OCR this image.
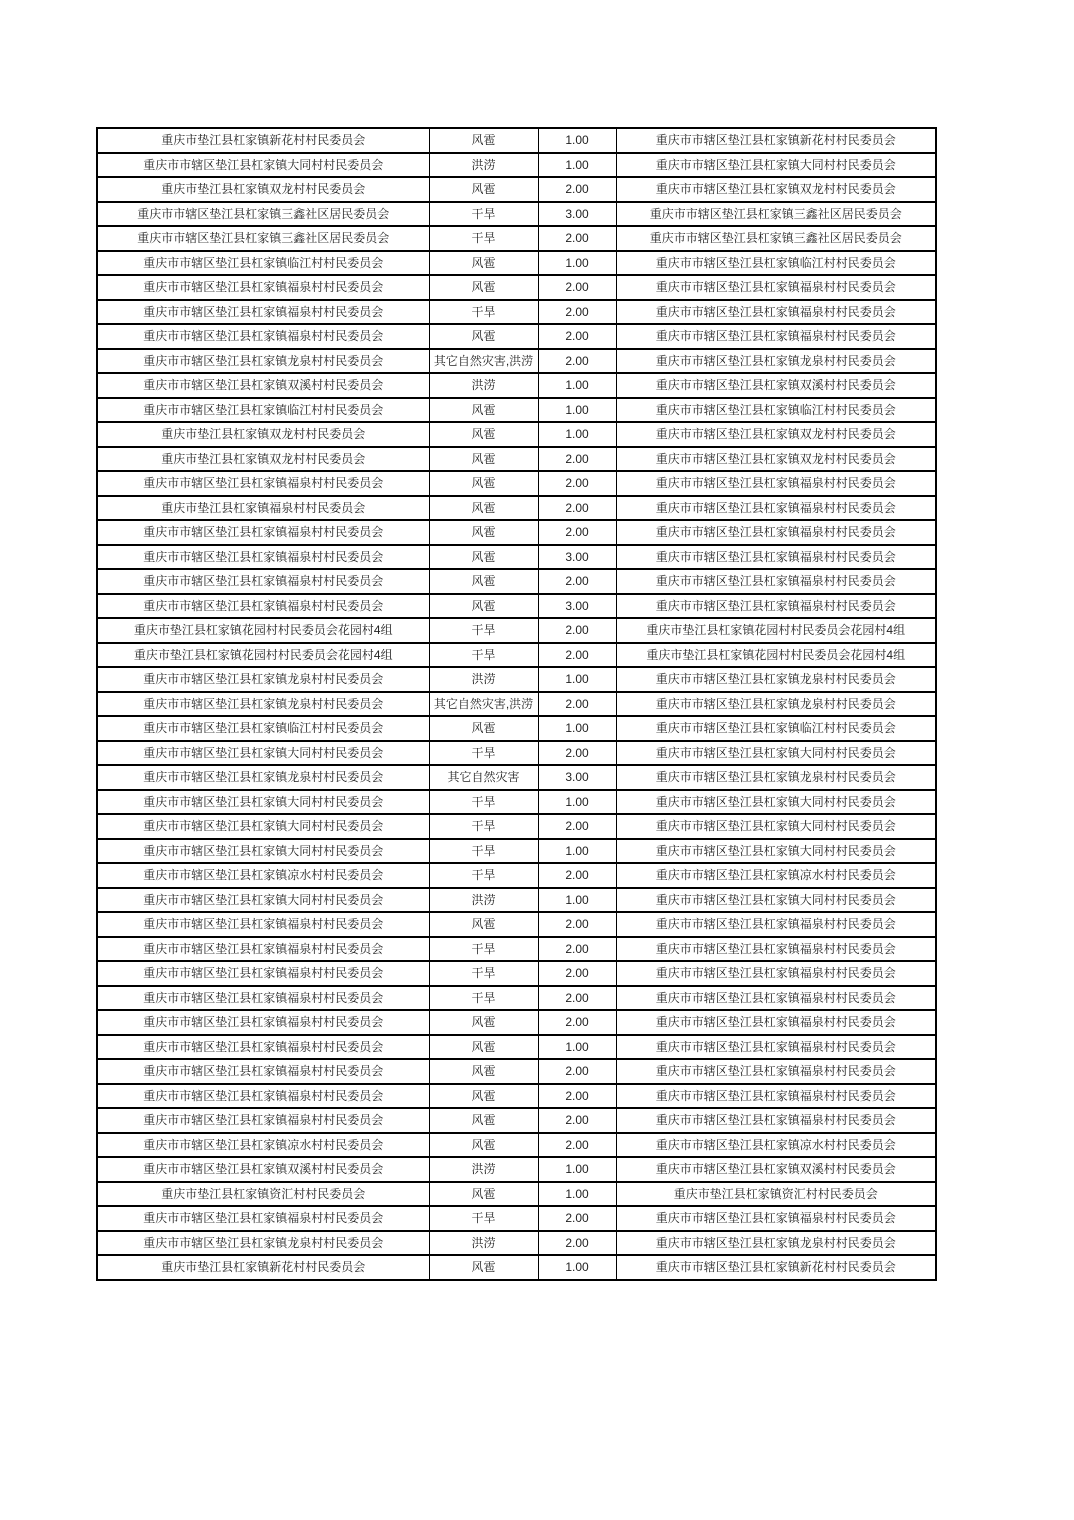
重庆市垫江县杠家镇新花村村民委员会	风雹	1.00	重庆市市辖区垫江县杠家镇新花村村民委员会
重庆市市辖区垫江县杠家镇大同村村民委员会	洪涝	1.00	重庆市市辖区垫江县杠家镇大同村村民委员会
重庆市垫江县杠家镇双龙村村民委员会	风雹	2.00	重庆市市辖区垫江县杠家镇双龙村村民委员会
重庆市市辖区垫江县杠家镇三鑫社区居民委员会	干旱	3.00	重庆市市辖区垫江县杠家镇三鑫社区居民委员会
重庆市市辖区垫江县杠家镇三鑫社区居民委员会	干旱	2.00	重庆市市辖区垫江县杠家镇三鑫社区居民委员会
重庆市市辖区垫江县杠家镇临江村村民委员会	风雹	1.00	重庆市市辖区垫江县杠家镇临江村村民委员会
重庆市市辖区垫江县杠家镇福泉村村民委员会	风雹	2.00	重庆市市辖区垫江县杠家镇福泉村村民委员会
重庆市市辖区垫江县杠家镇福泉村村民委员会	干旱	2.00	重庆市市辖区垫江县杠家镇福泉村村民委员会
重庆市市辖区垫江县杠家镇福泉村村民委员会	风雹	2.00	重庆市市辖区垫江县杠家镇福泉村村民委员会
重庆市市辖区垫江县杠家镇龙泉村村民委员会	其它自然灾害,洪涝	2.00	重庆市市辖区垫江县杠家镇龙泉村村民委员会
重庆市市辖区垫江县杠家镇双溪村村民委员会	洪涝	1.00	重庆市市辖区垫江县杠家镇双溪村村民委员会
重庆市市辖区垫江县杠家镇临江村村民委员会	风雹	1.00	重庆市市辖区垫江县杠家镇临江村村民委员会
重庆市垫江县杠家镇双龙村村民委员会	风雹	1.00	重庆市市辖区垫江县杠家镇双龙村村民委员会
重庆市垫江县杠家镇双龙村村民委员会	风雹	2.00	重庆市市辖区垫江县杠家镇双龙村村民委员会
重庆市市辖区垫江县杠家镇福泉村村民委员会	风雹	2.00	重庆市市辖区垫江县杠家镇福泉村村民委员会
重庆市垫江县杠家镇福泉村村民委员会	风雹	2.00	重庆市市辖区垫江县杠家镇福泉村村民委员会
重庆市市辖区垫江县杠家镇福泉村村民委员会	风雹	2.00	重庆市市辖区垫江县杠家镇福泉村村民委员会
重庆市市辖区垫江县杠家镇福泉村村民委员会	风雹	3.00	重庆市市辖区垫江县杠家镇福泉村村民委员会
重庆市市辖区垫江县杠家镇福泉村村民委员会	风雹	2.00	重庆市市辖区垫江县杠家镇福泉村村民委员会
重庆市市辖区垫江县杠家镇福泉村村民委员会	风雹	3.00	重庆市市辖区垫江县杠家镇福泉村村民委员会
重庆市垫江县杠家镇花园村村民委员会花园村4组	干旱	2.00	重庆市垫江县杠家镇花园村村民委员会花园村4组
重庆市垫江县杠家镇花园村村民委员会花园村4组	干旱	2.00	重庆市垫江县杠家镇花园村村民委员会花园村4组
重庆市市辖区垫江县杠家镇龙泉村村民委员会	洪涝	1.00	重庆市市辖区垫江县杠家镇龙泉村村民委员会
重庆市市辖区垫江县杠家镇龙泉村村民委员会	其它自然灾害,洪涝	2.00	重庆市市辖区垫江县杠家镇龙泉村村民委员会
重庆市市辖区垫江县杠家镇临江村村民委员会	风雹	1.00	重庆市市辖区垫江县杠家镇临江村村民委员会
重庆市市辖区垫江县杠家镇大同村村民委员会	干旱	2.00	重庆市市辖区垫江县杠家镇大同村村民委员会
重庆市市辖区垫江县杠家镇龙泉村村民委员会	其它自然灾害	3.00	重庆市市辖区垫江县杠家镇龙泉村村民委员会
重庆市市辖区垫江县杠家镇大同村村民委员会	干旱	1.00	重庆市市辖区垫江县杠家镇大同村村民委员会
重庆市市辖区垫江县杠家镇大同村村民委员会	干旱	2.00	重庆市市辖区垫江县杠家镇大同村村民委员会
重庆市市辖区垫江县杠家镇大同村村民委员会	干旱	1.00	重庆市市辖区垫江县杠家镇大同村村民委员会
重庆市市辖区垫江县杠家镇凉水村村民委员会	干旱	2.00	重庆市市辖区垫江县杠家镇凉水村村民委员会
重庆市市辖区垫江县杠家镇大同村村民委员会	洪涝	1.00	重庆市市辖区垫江县杠家镇大同村村民委员会
重庆市市辖区垫江县杠家镇福泉村村民委员会	风雹	2.00	重庆市市辖区垫江县杠家镇福泉村村民委员会
重庆市市辖区垫江县杠家镇福泉村村民委员会	干旱	2.00	重庆市市辖区垫江县杠家镇福泉村村民委员会
重庆市市辖区垫江县杠家镇福泉村村民委员会	干旱	2.00	重庆市市辖区垫江县杠家镇福泉村村民委员会
重庆市市辖区垫江县杠家镇福泉村村民委员会	干旱	2.00	重庆市市辖区垫江县杠家镇福泉村村民委员会
重庆市市辖区垫江县杠家镇福泉村村民委员会	风雹	2.00	重庆市市辖区垫江县杠家镇福泉村村民委员会
重庆市市辖区垫江县杠家镇福泉村村民委员会	风雹	1.00	重庆市市辖区垫江县杠家镇福泉村村民委员会
重庆市市辖区垫江县杠家镇福泉村村民委员会	风雹	2.00	重庆市市辖区垫江县杠家镇福泉村村民委员会
重庆市市辖区垫江县杠家镇福泉村村民委员会	风雹	2.00	重庆市市辖区垫江县杠家镇福泉村村民委员会
重庆市市辖区垫江县杠家镇福泉村村民委员会	风雹	2.00	重庆市市辖区垫江县杠家镇福泉村村民委员会
重庆市市辖区垫江县杠家镇凉水村村民委员会	风雹	2.00	重庆市市辖区垫江县杠家镇凉水村村民委员会
重庆市市辖区垫江县杠家镇双溪村村民委员会	洪涝	1.00	重庆市市辖区垫江县杠家镇双溪村村民委员会
重庆市垫江县杠家镇资汇村村民委员会	风雹	1.00	重庆市垫江县杠家镇资汇村村民委员会
重庆市市辖区垫江县杠家镇福泉村村民委员会	干旱	2.00	重庆市市辖区垫江县杠家镇福泉村村民委员会
重庆市市辖区垫江县杠家镇龙泉村村民委员会	洪涝	2.00	重庆市市辖区垫江县杠家镇龙泉村村民委员会
重庆市垫江县杠家镇新花村村民委员会	风雹	1.00	重庆市市辖区垫江县杠家镇新花村村民委员会
